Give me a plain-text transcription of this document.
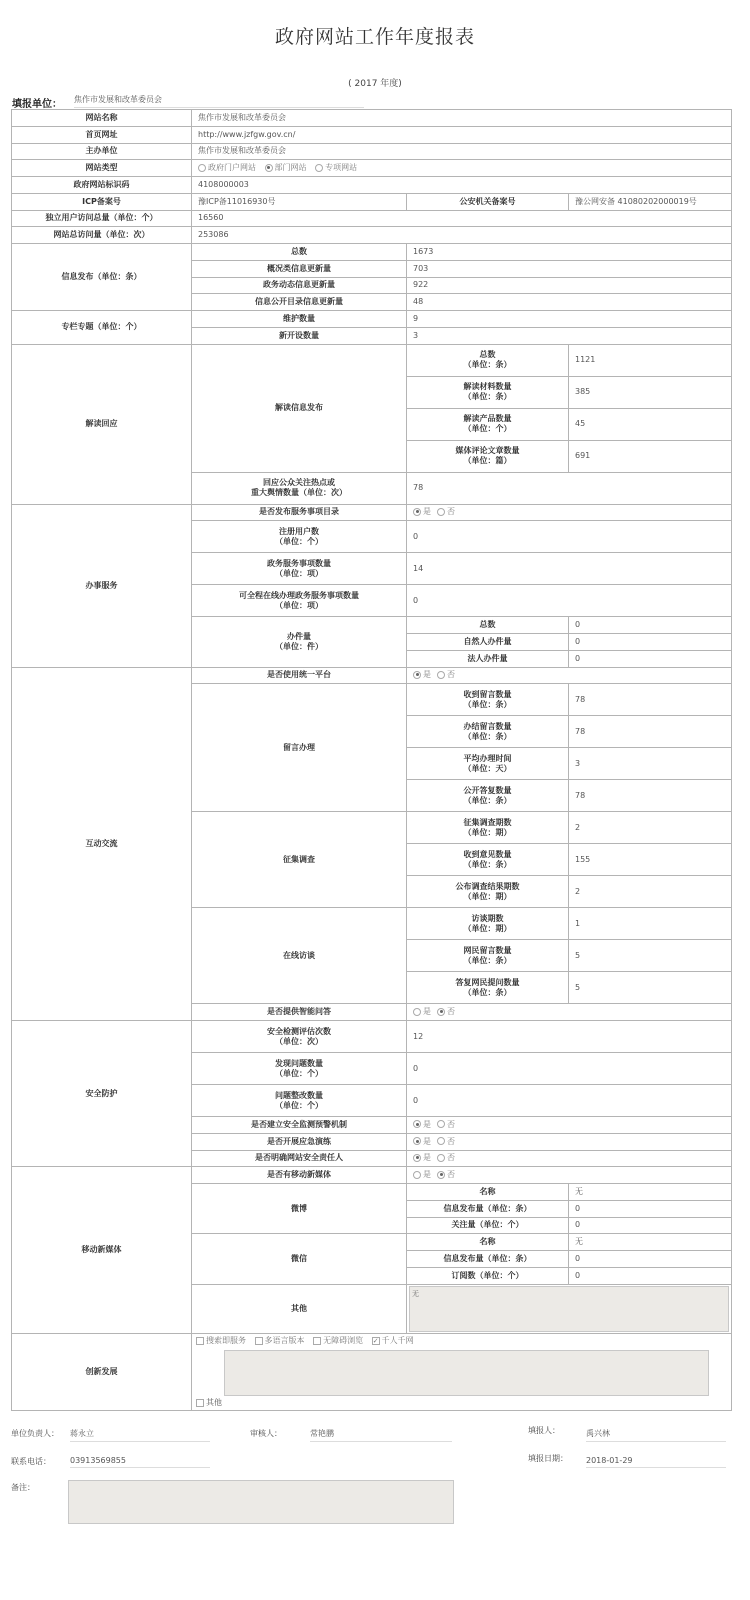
政府网站工作年度报表
( 2017 年度)
填报单位： 焦作市发展和改革委员会
网站名称	焦作市发展和改革委员会		
首页网址	http://www.jzfgw.gov.cn/		
主办单位	焦作市发展和改革委员会		
网站类型	政府门户网站 部门网站 专项网站		
政府网站标识码	4108000003		
ICP备案号	豫ICP备11016930号	公安机关备案号	豫公网安备 41080202000019号
独立用户访问总量（单位：个）	16560		
网站总访问量（单位：次）	253086		
信息发布（单位：条）	总数	1673	
	概况类信息更新量	703	
	政务动态信息更新量	922	
	信息公开目录信息更新量	48	
专栏专题（单位：个）	维护数量	9	
	新开设数量	3	
解读回应	解读信息发布	总数
（单位：条）	1121
		解读材料数量
（单位：条）	385
		解读产品数量
（单位：个）	45
		媒体评论文章数量
（单位：篇）	691
	回应公众关注热点或
重大舆情数量（单位：次）	78	
办事服务	是否发布服务事项目录	是 否	
	注册用户数
（单位：个）	0	
	政务服务事项数量
（单位：项）	14	
	可全程在线办理政务服务事项数量
（单位：项）	0	
	办件量
（单位：件）	总数	0
		自然人办件量	0
		法人办件量	0
互动交流	是否使用统一平台	是 否	
	留言办理	收到留言数量
（单位：条）	78
		办结留言数量
（单位：条）	78
		平均办理时间
（单位：天）	3
		公开答复数量
（单位：条）	78
	征集调查	征集调查期数
（单位：期）	2
		收到意见数量
（单位：条）	155
		公布调查结果期数
（单位：期）	2
	在线访谈	访谈期数
（单位：期）	1
		网民留言数量
（单位：条）	5
		答复网民提问数量
（单位：条）	5
	是否提供智能问答	是 否	
安全防护	安全检测评估次数
（单位：次）	12	
	发现问题数量
（单位：个）	0	
	问题整改数量
（单位：个）	0	
	是否建立安全监测预警机制	是 否	
	是否开展应急演练	是 否	
	是否明确网站安全责任人	是 否	
移动新媒体	是否有移动新媒体	是 否	
	微博	名称	无
		信息发布量（单位：条）	0
		关注量（单位：个）	0
	微信	名称	无
		信息发布量（单位：条）	0
		订阅数（单位：个）	0
	其他	无	

创新发展	搜索即服务 多语言版本 无障碍浏览 ✓ 千人千网
其他		
单位负责人： 蒋永立	审核人：	常艳鹏	填报人：	禹兴林
联系电话： 03913569855	填报日期： 2018-01-29
备注：
